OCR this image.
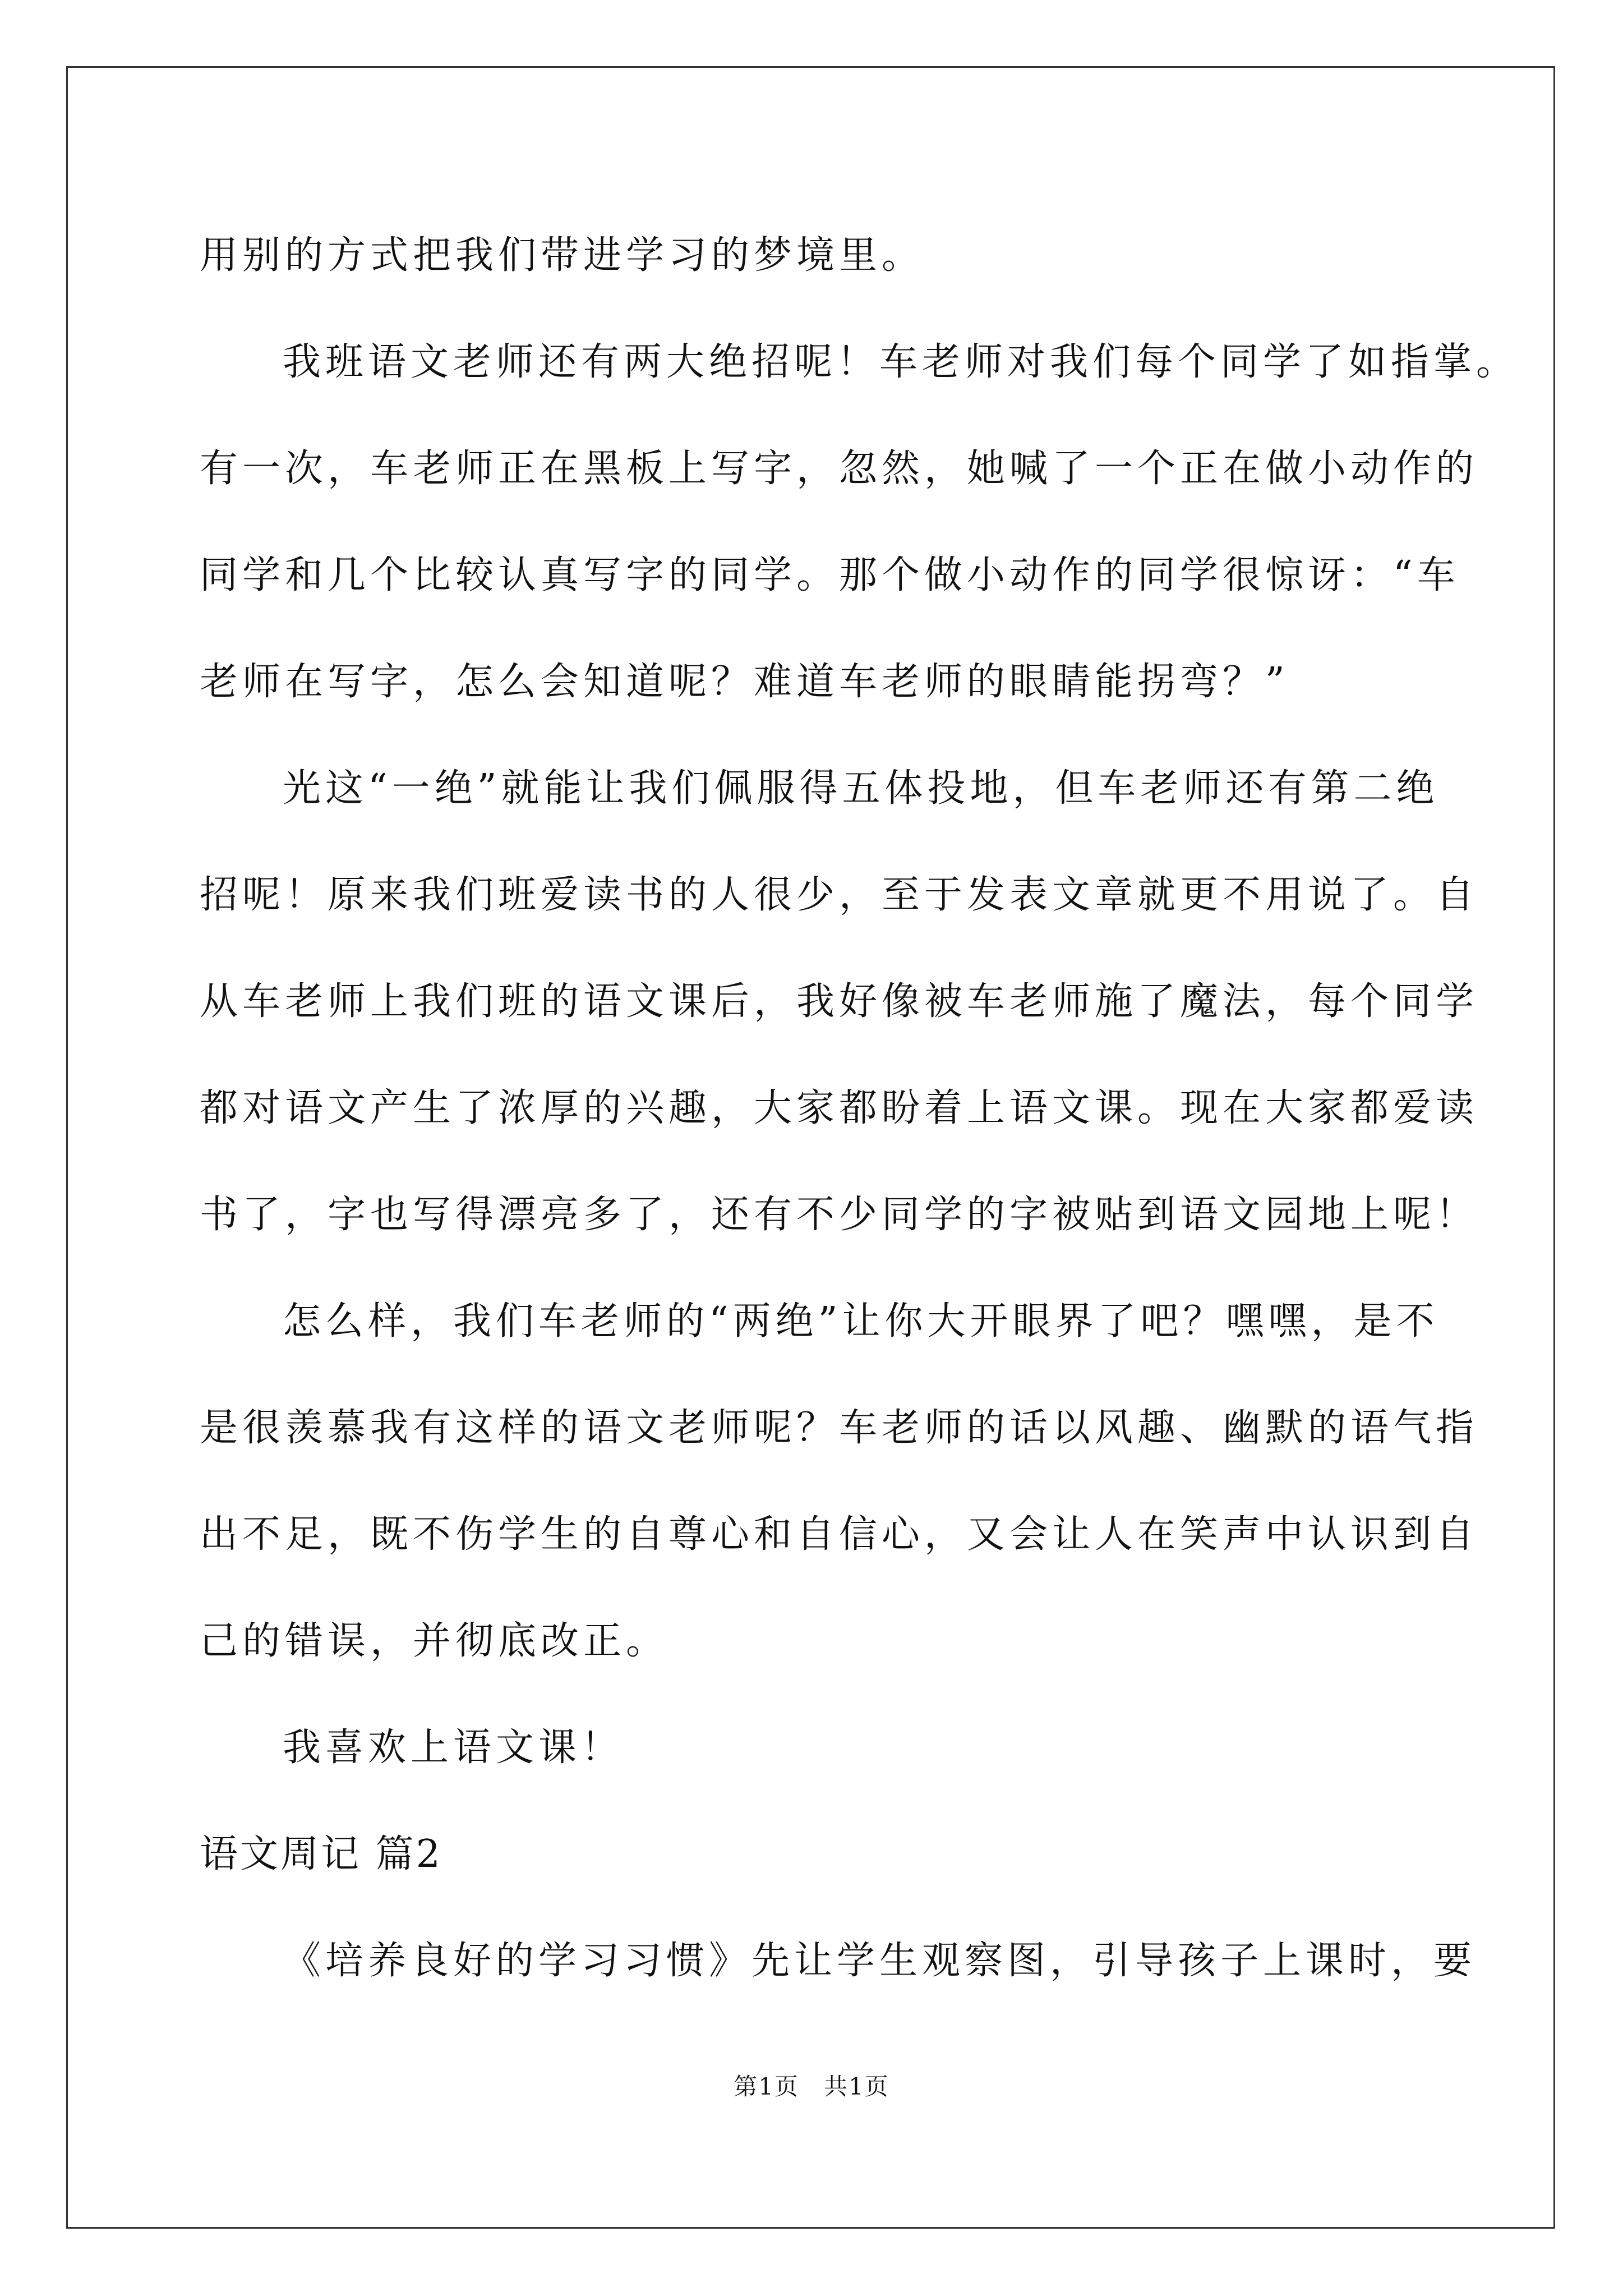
用别的方式把我们带进学习的梦境里。
我班语文老师还有两大绝招呢！车老师对我们每个同学了如指掌。
有一次，车老师正在黑板上写字，忽然，她喊了一个正在做小动作的
同学和几个比较认真写字的同学。那个做小动作的同学很惊讶：“车
老师在写字，怎么会知道呢？难道车老师的眼睛能拐弯？”
光这“一绝”就能让我们佩服得五体投地，但车老师还有第二绝
招呢！原来我们班爱读书的人很少，至于发表文章就更不用说了。自
从车老师上我们班的语文课后，我好像被车老师施了魔法，每个同学
都对语文产生了浓厚的兴趣，大家都盼着上语文课。现在大家都爱读
书了，字也写得漂亮多了，还有不少同学的字被贴到语文园地上呢！
怎么样，我们车老师的“两绝”让你大开眼界了吧？嘿嘿，是不
是很羡慕我有这样的语文老师呢？车老师的话以风趣、幽默的语气指
出不足，既不伤学生的自尊心和自信心，又会让人在笑声中认识到自
己的错误，并彻底改正。
我喜欢上语文课！
语文周记 篇2
《培养良好的学习习惯》先让学生观察图，引导孩子上课时，要
第1页 共1页
